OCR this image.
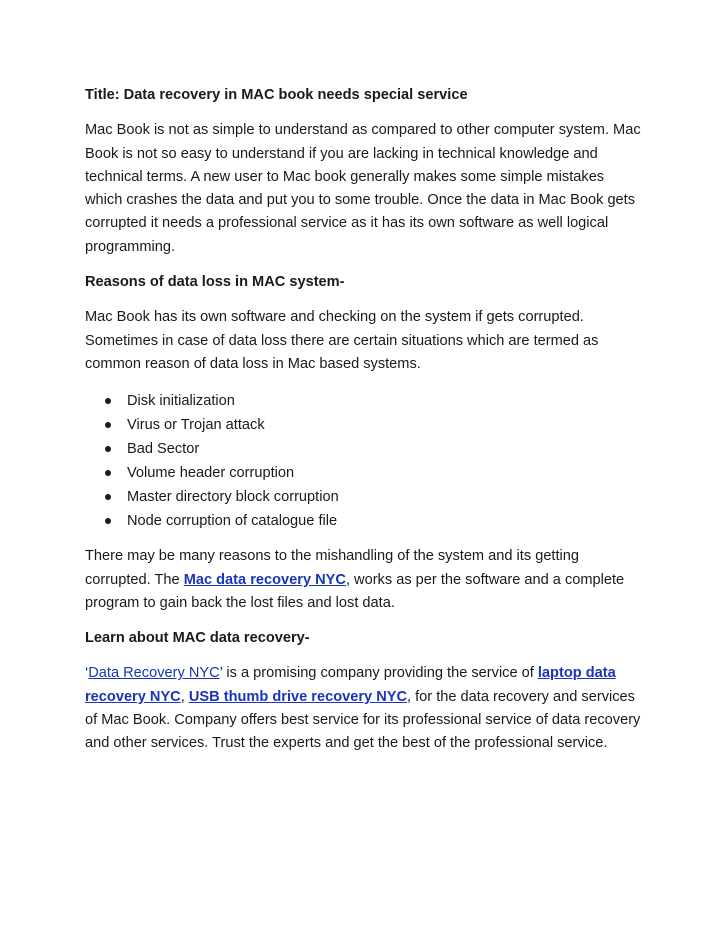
Title: Data recovery in MAC book needs special service

Mac Book is not as simple to understand as compared to other computer system. Mac Book is not so easy to understand if you are lacking in technical knowledge and technical terms. A new user to Mac book generally makes some simple mistakes which crashes the data and put you to some trouble. Once the data in Mac Book gets corrupted it needs a professional service as it has its own software as well logical programming.

Reasons of data loss in MAC system-

Mac Book has its own software and checking on the system if gets corrupted. Sometimes in case of data loss there are certain situations which are termed as common reason of data loss in Mac based systems.

Disk initialization
Virus or Trojan attack
Bad Sector
Volume header corruption
Master directory block corruption
Node corruption of catalogue file

There may be many reasons to the mishandling of the system and its getting corrupted. The Mac data recovery NYC, works as per the software and a complete program to gain back the lost files and lost data.

Learn about MAC data recovery-

‘Data Recovery NYC’ is a promising company providing the service of laptop data recovery NYC, USB thumb drive recovery NYC, for the data recovery and services of Mac Book. Company offers best service for its professional service of data recovery and other services. Trust the experts and get the best of the professional service.
